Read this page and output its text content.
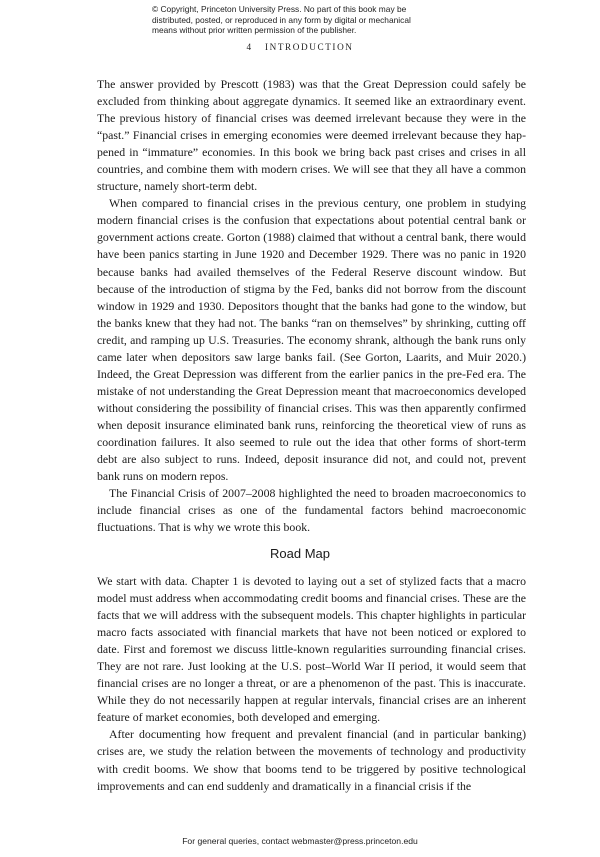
© Copyright, Princeton University Press. No part of this book may be
distributed, posted, or reproduced in any form by digital or mechanical
means without prior written permission of the publisher.
4 INTRODUCTION

The answer provided by Prescott (1983) was that the Great Depression could safely be excluded from thinking about aggregate dynamics. It seemed like an extraordinary event. The previous history of financial crises was deemed irrelevant because they were in the “past.” Financial crises in emerging economies were deemed irrelevant because they happened in “immature” economies. In this book we bring back past crises and crises in all countries, and combine them with modern crises. We will see that they all have a common structure, namely short-term debt.

When compared to financial crises in the previous century, one problem in studying modern financial crises is the confusion that expectations about potential central bank or government actions create. Gorton (1988) claimed that without a central bank, there would have been panics starting in June 1920 and December 1929. There was no panic in 1920 because banks had availed themselves of the Federal Reserve discount window. But because of the introduction of stigma by the Fed, banks did not borrow from the discount window in 1929 and 1930. Depositors thought that the banks had gone to the window, but the banks knew that they had not. The banks “ran on themselves” by shrinking, cutting off credit, and ramping up U.S. Treasuries. The economy shrank, although the bank runs only came later when depositors saw large banks fail. (See Gorton, Laarits, and Muir 2020.) Indeed, the Great Depression was different from the earlier panics in the pre-Fed era. The mistake of not understanding the Great Depression meant that macroeconomics developed without considering the possibility of financial crises. This was then apparently confirmed when deposit insurance eliminated bank runs, reinforcing the theoretical view of runs as coordination failures. It also seemed to rule out the idea that other forms of short-term debt are also subject to runs. Indeed, deposit insurance did not, and could not, prevent bank runs on modern repos.

The Financial Crisis of 2007–2008 highlighted the need to broaden macroeconomics to include financial crises as one of the fundamental factors behind macroeconomic fluctuations. That is why we wrote this book.

Road Map

We start with data. Chapter 1 is devoted to laying out a set of stylized facts that a macro model must address when accommodating credit booms and financial crises. These are the facts that we will address with the subsequent models. This chapter highlights in particular macro facts associated with financial markets that have not been noticed or explored to date. First and foremost we discuss little-known regularities surrounding financial crises. They are not rare. Just looking at the U.S. post–World War II period, it would seem that financial crises are no longer a threat, or are a phenomenon of the past. This is inaccurate. While they do not necessarily happen at regular intervals, financial crises are an inherent feature of market economies, both developed and emerging.

After documenting how frequent and prevalent financial (and in particular banking) crises are, we study the relation between the movements of technology and productivity with credit booms. We show that booms tend to be triggered by positive technological improvements and can end suddenly and dramatically in a financial crisis if the

For general queries, contact webmaster@press.princeton.edu
